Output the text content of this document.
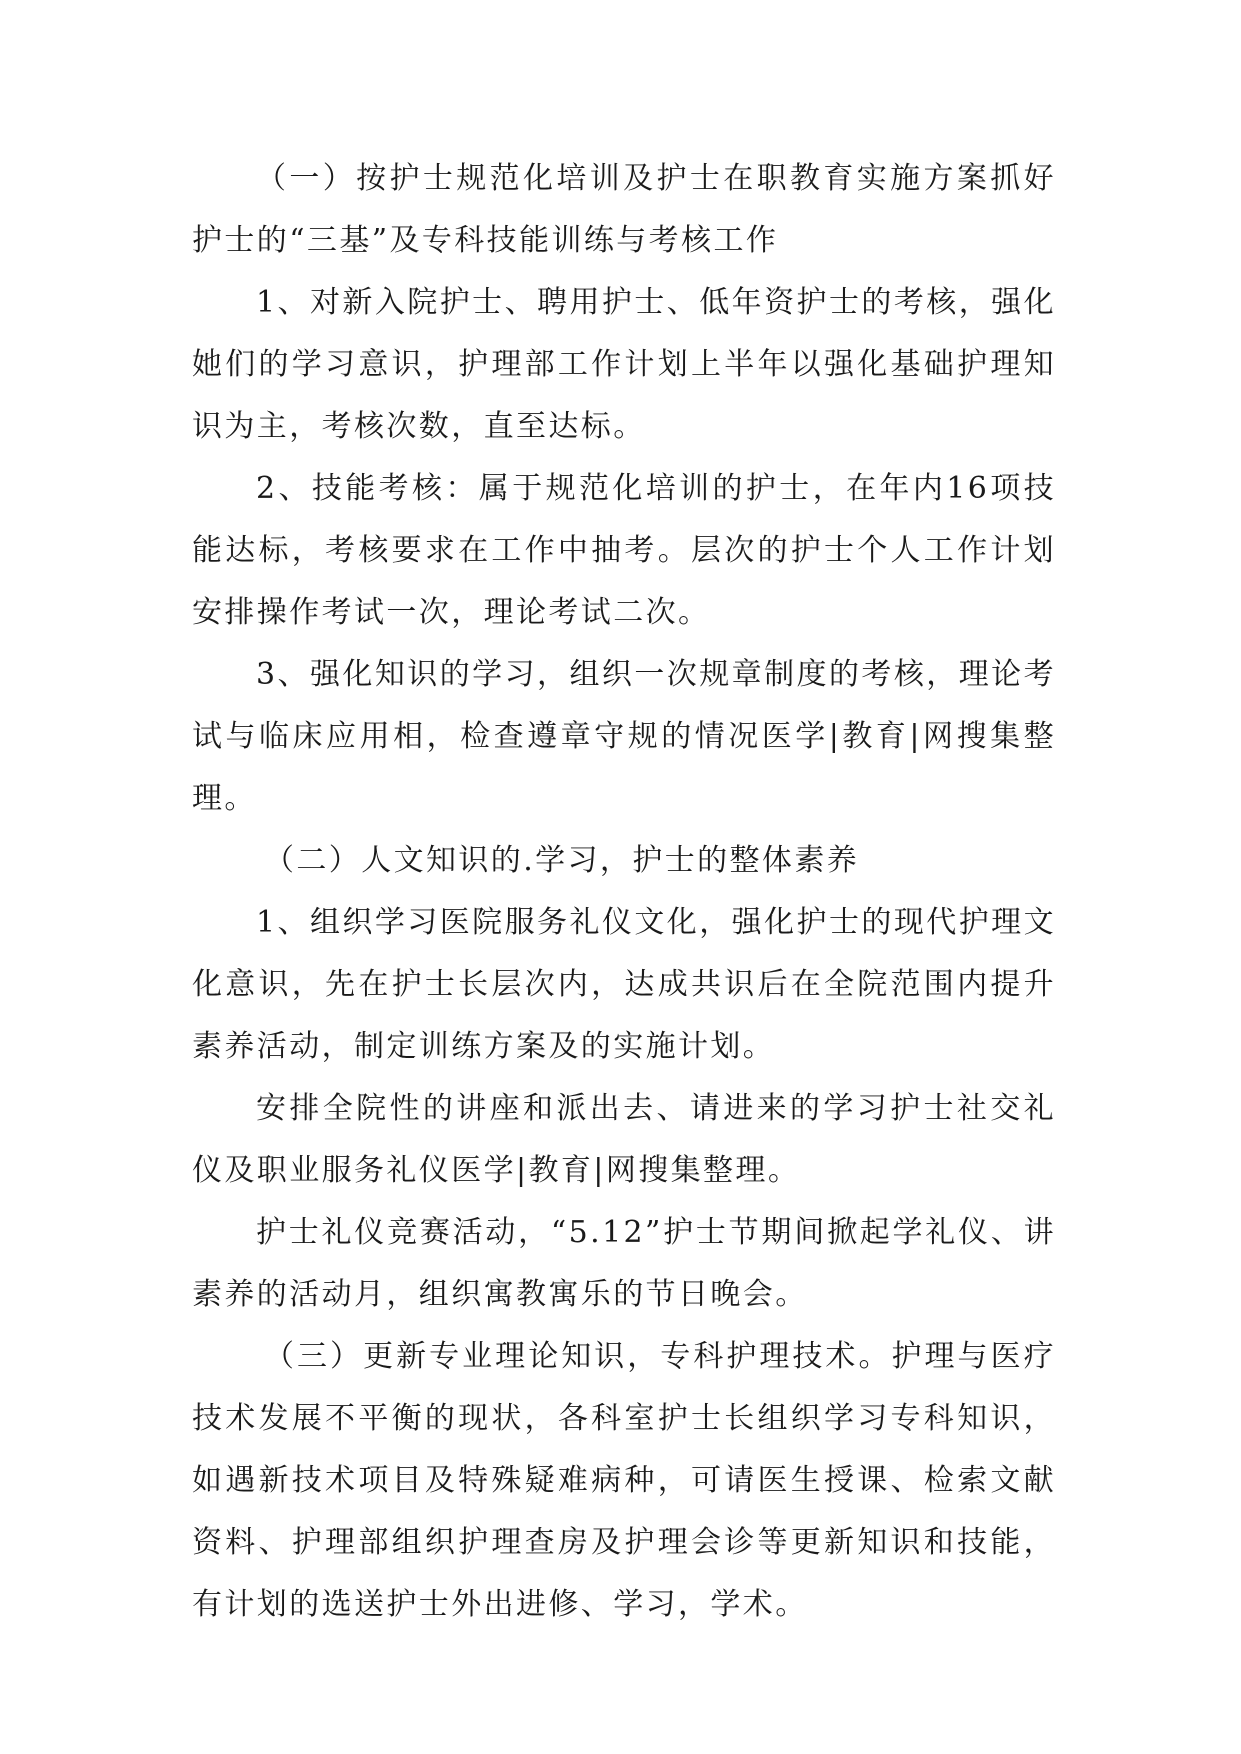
（一）按护士规范化培训及护士在职教育实施方案抓好护士的“三基”及专科技能训练与考核工作

1、对新入院护士、聘用护士、低年资护士的考核，强化她们的学习意识，护理部工作计划上半年以强化基础护理知识为主，考核次数，直至达标。

2、技能考核：属于规范化培训的护士，在年内16项技能达标，考核要求在工作中抽考。层次的护士个人工作计划安排操作考试一次，理论考试二次。

3、强化知识的学习，组织一次规章制度的考核，理论考试与临床应用相，检查遵章守规的情况医学|教育|网搜集整理。

（二）人文知识的.学习，护士的整体素养

1、组织学习医院服务礼仪文化，强化护士的现代护理文化意识，先在护士长层次内，达成共识后在全院范围内提升素养活动，制定训练方案及的实施计划。

安排全院性的讲座和派出去、请进来的学习护士社交礼仪及职业服务礼仪医学|教育|网搜集整理。

护士礼仪竞赛活动，“5.12”护士节期间掀起学礼仪、讲素养的活动月，组织寓教寓乐的节日晚会。

（三）更新专业理论知识，专科护理技术。护理与医疗技术发展不平衡的现状，各科室护士长组织学习专科知识，如遇新技术项目及特殊疑难病种，可请医生授课、检索文献资料、护理部组织护理查房及护理会诊等更新知识和技能，有计划的选送护士外出进修、学习，学术。
